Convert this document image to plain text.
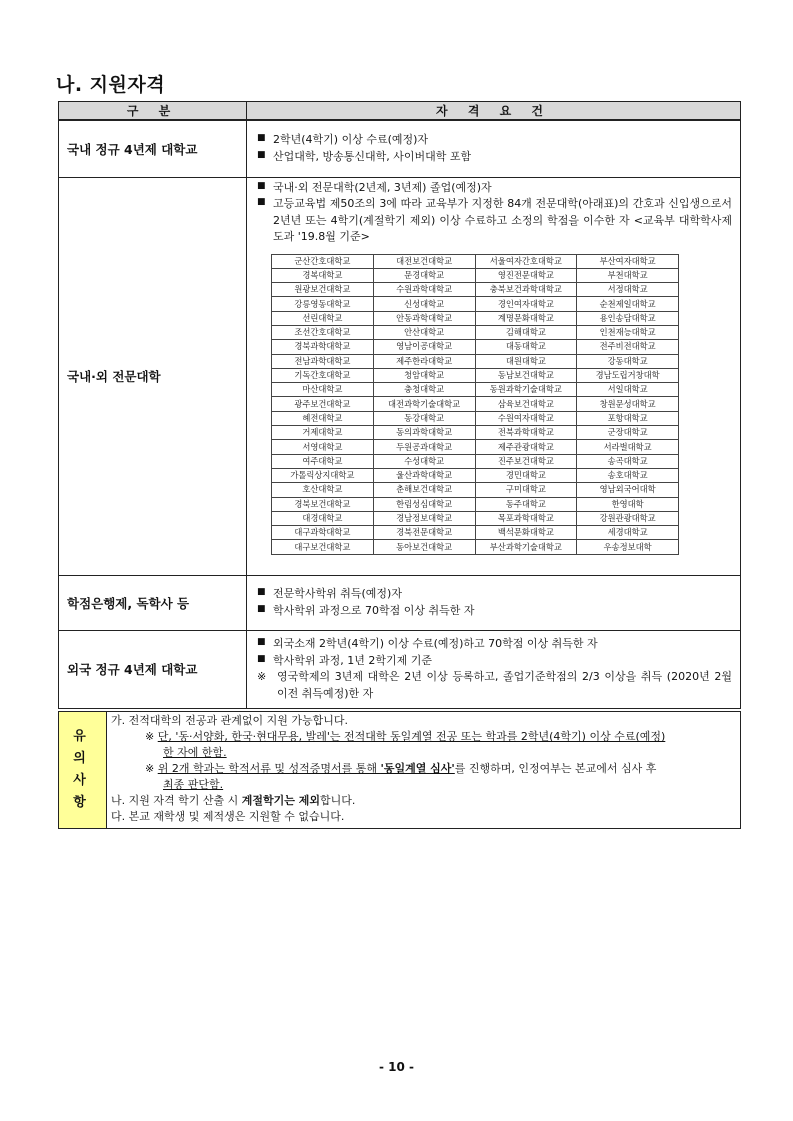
나. 지원자격
구 분	자 격 요 건
국내 정규 4년제 대학교	
■ 2학년(4학기) 이상 수료(예정)자
■ 산업대학, 방송통신대학, 사이버대학 포함

국내·외 전문대학	
■ 국내·외 전문대학(2년제, 3년제) 졸업(예정)자
■ 고등교육법 제50조의 3에 따라 교육부가 지정한 84개 전문대학(아래표)의 간호과 신입생으로서 2년년 또는 4학기(계절학기 제외) 이상 수료하고 소정의 학점을 이수한 자 <교육부 대학학사제도과 '19.8월 기준>
군산간호대학교	대전보건대학교	서울여자간호대학교	부산여자대학교
경복대학교	문경대학교	영진전문대학교	부천대학교
원광보건대학교	수원과학대학교	충북보건과학대학교	서정대학교
강릉영동대학교	신성대학교	경인여자대학교	순천제일대학교
선린대학교	안동과학대학교	계명문화대학교	용인송담대학교
조선간호대학교	안산대학교	김해대학교	인천재능대학교
경북과학대학교	영남이공대학교	대동대학교	전주비전대학교
전남과학대학교	제주한라대학교	대원대학교	강동대학교
기독간호대학교	청암대학교	동남보건대학교	경남도립거창대학
마산대학교	충청대학교	동원과학기술대학교	서일대학교
광주보건대학교	대전과학기술대학교	삼육보건대학교	창원문성대학교
혜전대학교	동강대학교	수원여자대학교	포항대학교
거제대학교	동의과학대학교	전북과학대학교	군장대학교
서영대학교	두원공과대학교	제주관광대학교	서라벌대학교
여주대학교	수성대학교	진주보건대학교	송곡대학교
가톨릭상지대학교	울산과학대학교	경민대학교	송호대학교
호산대학교	춘해보건대학교	구미대학교	영남외국어대학
경북보건대학교	한림성심대학교	동주대학교	한영대학
대경대학교	경남정보대학교	목포과학대학교	강원관광대학교
대구과학대학교	경북전문대학교	백석문화대학교	세경대학교
대구보건대학교	동아보건대학교	부산과학기술대학교	우송정보대학

학점은행제, 독학사 등	
■ 전문학사학위 취득(예정)자
■ 학사학위 과정으로 70학점 이상 취득한 자

외국 정규 4년제 대학교	
■ 외국소재 2학년(4학기) 이상 수료(예정)하고 70학점 이상 취득한 자
■ 학사학위 과정, 1년 2학기제 기준
※ 영국학제의 3년제 대학은 2년 이상 등록하고, 졸업기준학점의 2/3 이상을 취득 (2020년 2월 이전 취득예정)한 자
유 의
사 항

가. 전적대학의 전공과 관계없이 지원 가능합니다.
※ 단, '동·서양화, 한국·현대무용, 발레'는 전적대학 동일계열 전공 또는 학과를 2학년(4학기) 이상 수료(예정)
한 자에 한함.
※ 위 2개 학과는 학적서류 및 성적증명서를 통해 '동일계열 심사'를 진행하며, 인정여부는 본교에서 심사 후
최종 판단함.
나. 지원 자격 학기 산출 시 계절학기는 제외합니다.
다. 본교 재학생 및 제적생은 지원할 수 없습니다.
- 10 -
